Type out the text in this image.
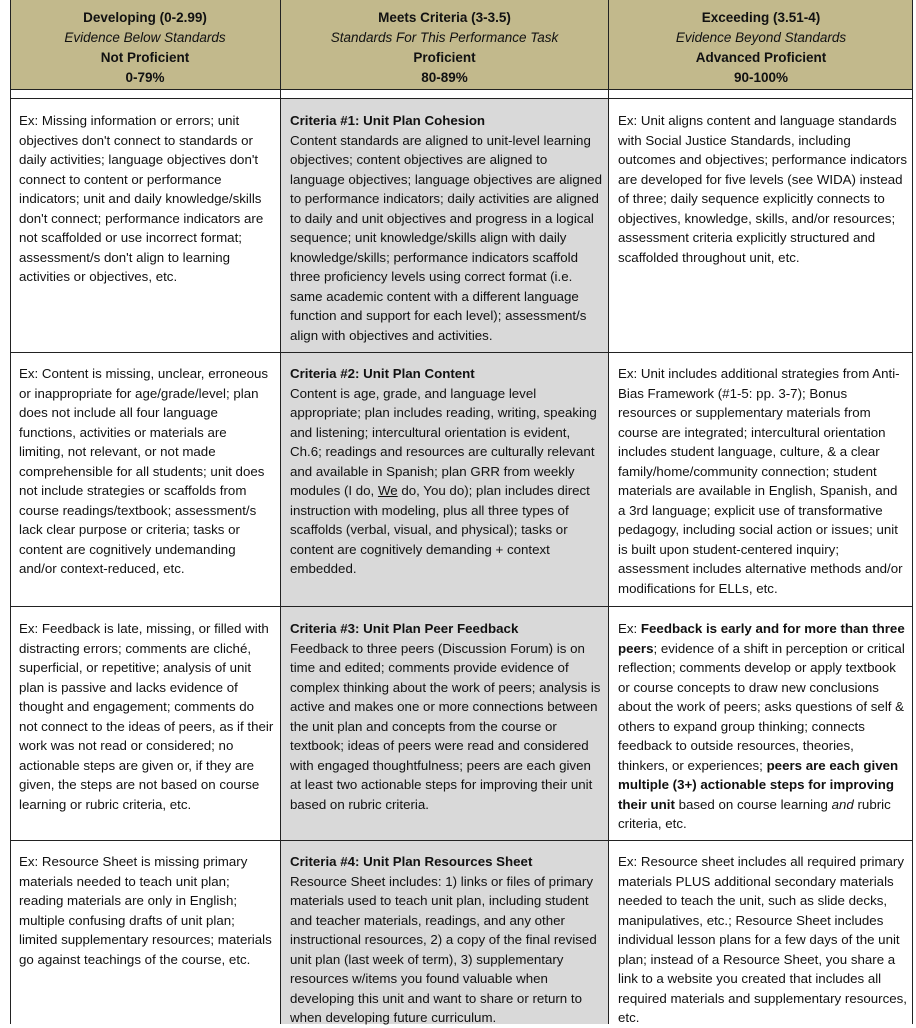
Developing (0-2.99)
Evidence Below Standards
Not Proficient
0-79%
Meets Criteria (3-3.5)
Standards For This Performance Task
Proficient
80-89%
Exceeding (3.51-4)
Evidence Beyond Standards
Advanced Proficient
90-100%
Ex: Missing information or errors; unit objectives don't connect to standards or daily activities; language objectives don't connect to content or performance indicators; unit and daily knowledge/skills don't connect; performance indicators are not scaffolded or use incorrect format; assessment/s don't align to learning activities or objectives, etc.
Criteria #1: Unit Plan Cohesion
Content standards are aligned to unit-level learning objectives; content objectives are aligned to language objectives; language objectives are aligned to performance indicators; daily activities are aligned to daily and unit objectives and progress in a logical sequence; unit knowledge/skills align with daily knowledge/skills; performance indicators scaffold three proficiency levels using correct format (i.e. same academic content with a different language function and support for each level); assessment/s align with objectives and activities.
Ex: Unit aligns content and language standards with Social Justice Standards, including outcomes and objectives; performance indicators are developed for five levels (see WIDA) instead of three; daily sequence explicitly connects to objectives, knowledge, skills, and/or resources; assessment criteria explicitly structured and scaffolded throughout unit, etc.
Ex: Content is missing, unclear, erroneous or inappropriate for age/grade/level; plan does not include all four language functions, activities or materials are limiting, not relevant, or not made comprehensible for all students; unit does not include strategies or scaffolds from course readings/textbook; assessment/s lack clear purpose or criteria; tasks or content are cognitively undemanding and/or context-reduced, etc.
Criteria #2: Unit Plan Content
Content is age, grade, and language level appropriate; plan includes reading, writing, speaking and listening; intercultural orientation is evident, Ch.6; readings and resources are culturally relevant and available in Spanish; plan GRR from weekly modules (I do, We do, You do); plan includes direct instruction with modeling, plus all three types of scaffolds (verbal, visual, and physical); tasks or content are cognitively demanding + context embedded.
Ex: Unit includes additional strategies from Anti-Bias Framework (#1-5: pp. 3-7); Bonus resources or supplementary materials from course are integrated; intercultural orientation includes student language, culture, & a clear family/home/community connection; student materials are available in English, Spanish, and a 3rd language; explicit use of transformative pedagogy, including social action or issues; unit is built upon student-centered inquiry; assessment includes alternative methods and/or modifications for ELLs, etc.
Ex: Feedback is late, missing, or filled with distracting errors; comments are cliché, superficial, or repetitive; analysis of unit plan is passive and lacks evidence of thought and engagement; comments do not connect to the ideas of peers, as if their work was not read or considered; no actionable steps are given or, if they are given, the steps are not based on course learning or rubric criteria, etc.
Criteria #3: Unit Plan Peer Feedback
Feedback to three peers (Discussion Forum) is on time and edited; comments provide evidence of complex thinking about the work of peers; analysis is active and makes one or more connections between the unit plan and concepts from the course or textbook; ideas of peers were read and considered with engaged thoughtfulness; peers are each given at least two actionable steps for improving their unit based on rubric criteria.
Ex: Feedback is early and for more than three peers; evidence of a shift in perception or critical reflection; comments develop or apply textbook or course concepts to draw new conclusions about the work of peers; asks questions of self & others to expand group thinking; connects feedback to outside resources, theories, thinkers, or experiences; peers are each given multiple (3+) actionable steps for improving their unit based on course learning and rubric criteria, etc.
Ex: Resource Sheet is missing primary materials needed to teach unit plan; reading materials are only in English; multiple confusing drafts of unit plan; limited supplementary resources; materials go against teachings of the course, etc.
Criteria #4: Unit Plan Resources Sheet
Resource Sheet includes: 1) links or files of primary materials used to teach unit plan, including student and teacher materials, readings, and any other instructional resources, 2) a copy of the final revised unit plan (last week of term), 3) supplementary resources w/items you found valuable when developing this unit and want to share or return to when developing future curriculum.
Ex: Resource sheet includes all required primary materials PLUS additional secondary materials needed to teach the unit, such as slide decks, manipulatives, etc.; Resource Sheet includes individual lesson plans for a few days of the unit plan; instead of a Resource Sheet, you share a link to a website you created that includes all required materials and supplementary resources, etc.
